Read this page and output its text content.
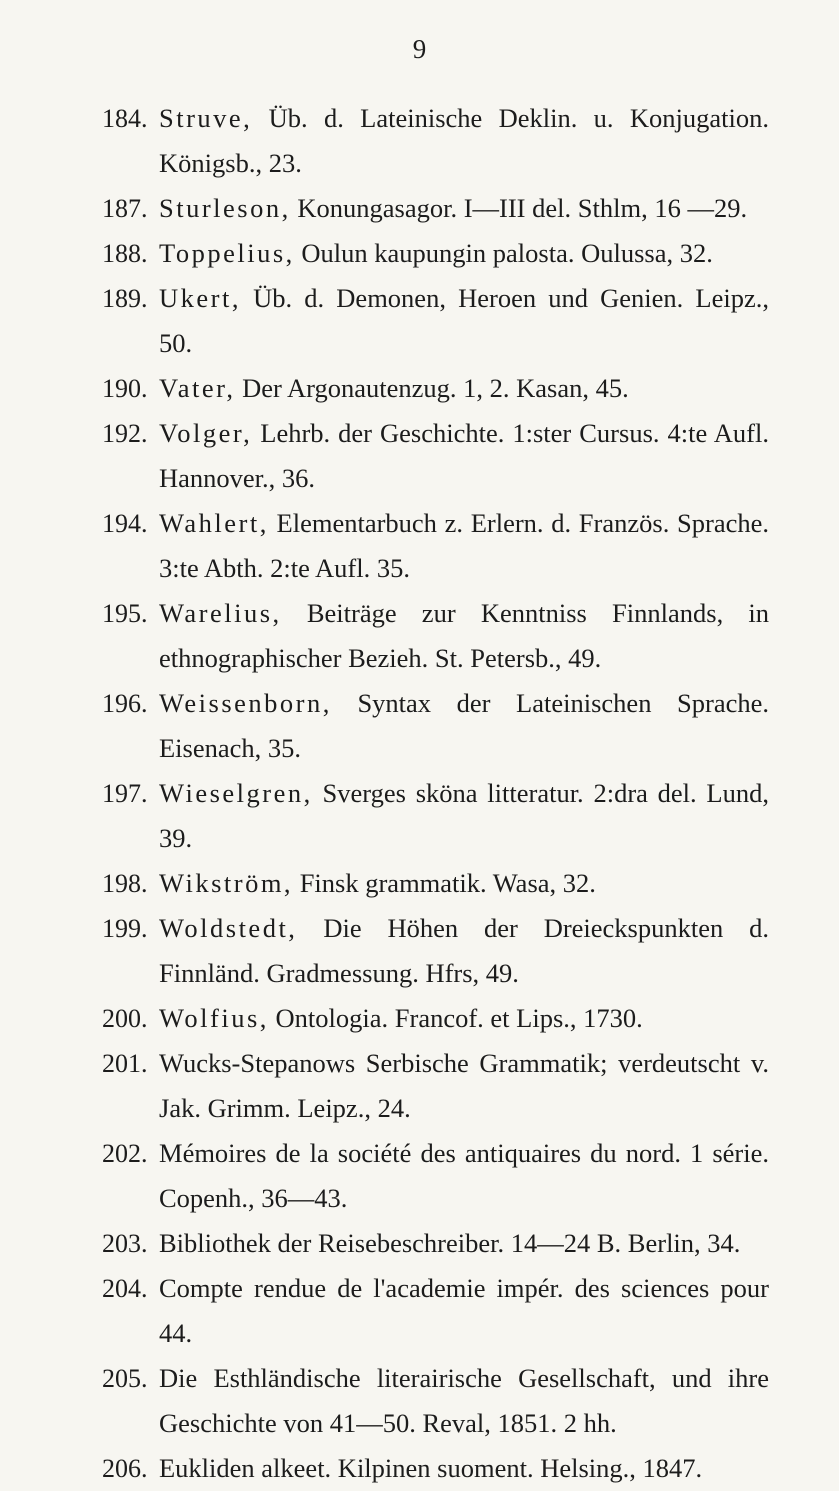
9
184. Struve, Üb. d. Lateinische Deklin. u. Konjugation. Königsb., 23.
187. Sturleson, Konungasagor. I—III del. Sthlm, 16 —29.
188. Toppelius, Oulun kaupungin palosta. Oulussa, 32.
189. Ukert, Üb. d. Demonen, Heroen und Genien. Leipz., 50.
190. Vater, Der Argonautenzug. 1, 2. Kasan, 45.
192. Volger, Lehrb. der Geschichte. 1:ster Cursus. 4:te Aufl. Hannover., 36.
194. Wahlert, Elementarbuch z. Erlern. d. Französ. Sprache. 3:te Abth. 2:te Aufl. 35.
195. Warelius, Beiträge zur Kenntniss Finnlands, in ethnographischer Bezieh. St. Petersb., 49.
196. Weissenborn, Syntax der Lateinischen Sprache. Eisenach, 35.
197. Wieselgren, Sverges sköna litteratur. 2:dra del. Lund, 39.
198. Wikström, Finsk grammatik. Wasa, 32.
199. Woldstedt, Die Höhen der Dreieckspunkten d. Finnländ. Gradmessung. Hfrs, 49.
200. Wolfius, Ontologia. Francof. et Lips., 1730.
201. Wucks-Stepanows Serbische Grammatik; verdeutscht v. Jak. Grimm. Leipz., 24.
202. Mémoires de la société des antiquaires du nord. 1 série. Copenh., 36—43.
203. Bibliothek der Reisebeschreiber. 14—24 B. Berlin, 34.
204. Compte rendue de l'academie impér. des sciences pour 44.
205. Die Esthländische literairische Gesellschaft, und ihre Geschichte von 41—50. Reval, 1851. 2 hh.
206. Eukliden alkeet. Kilpinen suoment. Helsing., 1847.
